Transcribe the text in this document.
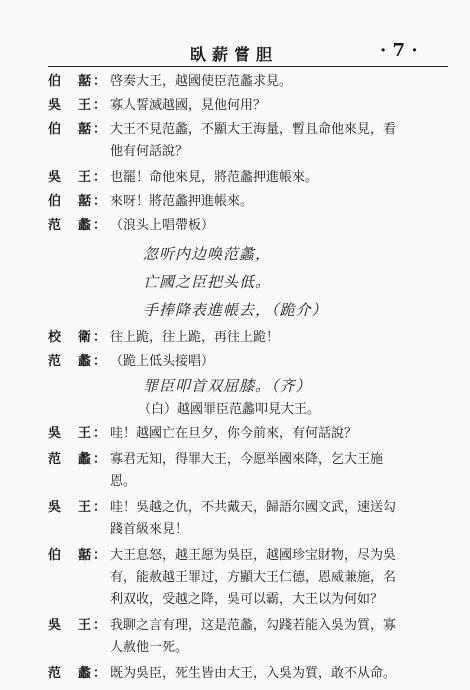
臥薪嘗胆	· 7 ·
伯　嚭： 啓奏大王，越國使臣范蠡求見。
吳　王： 寡人誓滅越國，見他何用？
伯　嚭： 大王不見范蠡，不顯大王海量，暫且命他來見，看
他有何話說？
吳　王： 也罷！命他來見，將范蠡押進帳來。
伯　嚭： 來呀！將范蠡押進帳來。
范　蠡： （浪头上唱帶板）
忽听内边唤范蠡，
亡國之臣把头低。
手捧降表進帳去，（跪介）
校　衛： 往上跪，往上跪，再往上跪！
范　蠡： （跪上低头接唱）
罪臣叩首双屈膝。（齐）
（白）越國罪臣范蠡叩見大王。
吳　王： 哇！越國亡在旦夕，你今前來，有何話說？
范　蠡： 寡君无知，得罪大王，今愿举國來降，乞大王施
恩。
吳　王： 哇！吳越之仇，不共戴天，歸語尔國文武，速送勾
踐首級來見！
伯　嚭： 大王息怒，越王愿为吳臣，越國珍宝財物，尽为吳
有，能赦越王罪过，方顯大王仁德，恩威兼施，名
利双收，受越之降，吳可以霸，大王以为何如？
吳　王： 我聊之言有理，这是范蠡，勾踐若能入吳为質，寡
人赦他一死。
范　蠡： 既为吳臣，死生皆由大王，入吳为質，敢不从命。
